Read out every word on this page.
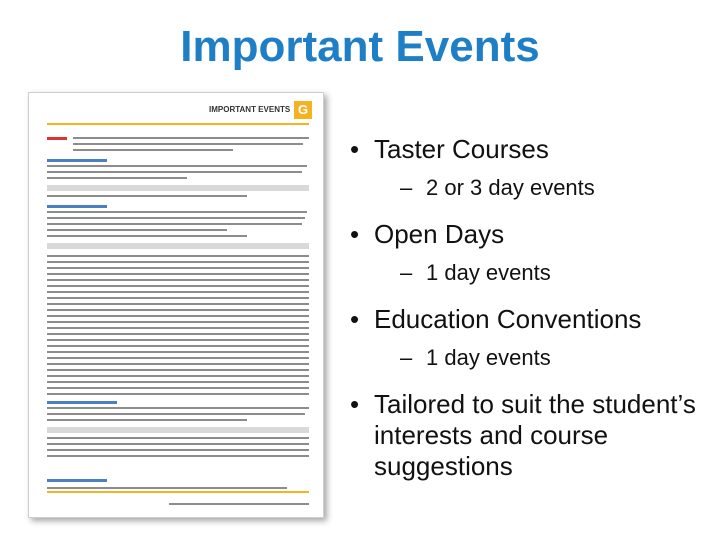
Important Events
IMPORTANT EVENTS G
• Taster Courses
– 2 or 3 day events
• Open Days
– 1 day events
• Education Conventions
– 1 day events
• Tailored to suit the student’s interests and course suggestions
